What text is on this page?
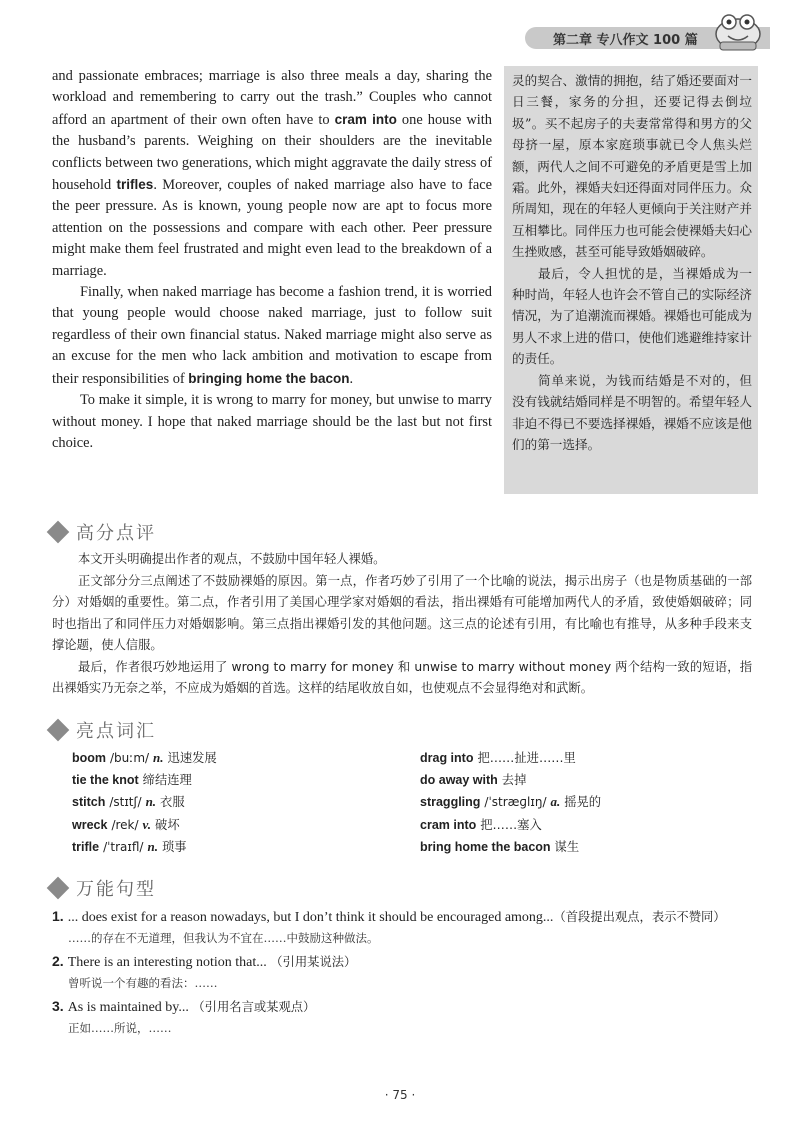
第二章 专八作文 100 篇

and passionate embraces; marriage is also three meals a day, sharing the workload and remembering to carry out the trash.” Couples who cannot afford an apartment of their own often have to cram into one house with the husband’s parents. Weighing on their shoulders are the inevitable conflicts between two generations, which might aggravate the daily stress of household trifles. Moreover, couples of naked marriage also have to face the peer pressure. As is known, young people now are apt to focus more attention on the possessions and compare with each other. Peer pressure might make them feel frustrated and might even lead to the breakdown of a marriage.

Finally, when naked marriage has become a fashion trend, it is worried that young people would choose naked marriage, just to follow suit regardless of their own financial status. Naked marriage might also serve as an excuse for the men who lack ambition and motivation to escape from their responsibilities of bringing home the bacon.

To make it simple, it is wrong to marry for money, but unwise to marry without money. I hope that naked marriage should be the last but not first choice.

灵的契合、激情的拥抱，结了婚还要面对一日三餐，家务的分担，还要记得去倒垃圾”。买不起房子的夫妻常常得和男方的父母挤一屋，原本家庭琐事就已令人焦头烂额，两代人之间不可避免的矛盾更是雪上加霜。此外，裸婚夫妇还得面对同伴压力。众所周知，现在的年轻人更倾向于关注财产并互相攀比。同伴压力也可能会使裸婚夫妇心生挫败感，甚至可能导致婚姻破碎。

最后，令人担忧的是，当裸婚成为一种时尚，年轻人也许会不管自己的实际经济情况，为了追潮流而裸婚。裸婚也可能成为男人不求上进的借口，使他们逃避维持家计的责任。

简单来说，为钱而结婚是不对的，但没有钱就结婚同样是不明智的。希望年轻人非迫不得已不要选择裸婚，裸婚不应该是他们的第一选择。

高分点评

本文开头明确提出作者的观点，不鼓励中国年轻人裸婚。

正文部分分三点阐述了不鼓励裸婚的原因。第一点，作者巧妙了引用了一个比喻的说法，揭示出房子（也是物质基础的一部分）对婚姻的重要性。第二点，作者引用了美国心理学家对婚姻的看法，指出裸婚有可能增加两代人的矛盾，致使婚姻破碎；同时也指出了和同伴压力对婚姻影响。第三点指出裸婚引发的其他问题。这三点的论述有引用，有比喻也有推导，从多种手段来支撑论题，使人信服。

最后，作者很巧妙地运用了 wrong to marry for money 和 unwise to marry without money 两个结构一致的短语，指出裸婚实乃无奈之举，不应成为婚姻的首选。这样的结尾收放自如，也使观点不会显得绝对和武断。

亮点词汇
boom /buːm/ n. 迅速发展
tie the knot 缔结连理
stitch /stɪtʃ/ n. 衣服
wreck /rek/ v. 破坏
trifle /ˈtraɪfl/ n. 琐事
drag into 把……扯进……里
do away with 去掉
straggling /ˈstræɡlɪŋ/ a. 摇晃的
cram into 把……塞入
bring home the bacon 谋生
万能句型
1. ... does exist for a reason nowadays, but I don’t think it should be encouraged among...（首段提出观点，表示不赞同）
……的存在不无道理，但我认为不宜在……中鼓励这种做法。
2. There is an interesting notion that... （引用某说法）
曾听说一个有趣的看法：……
3. As is maintained by... （引用名言或某观点）
正如……所说，……
· 75 ·
